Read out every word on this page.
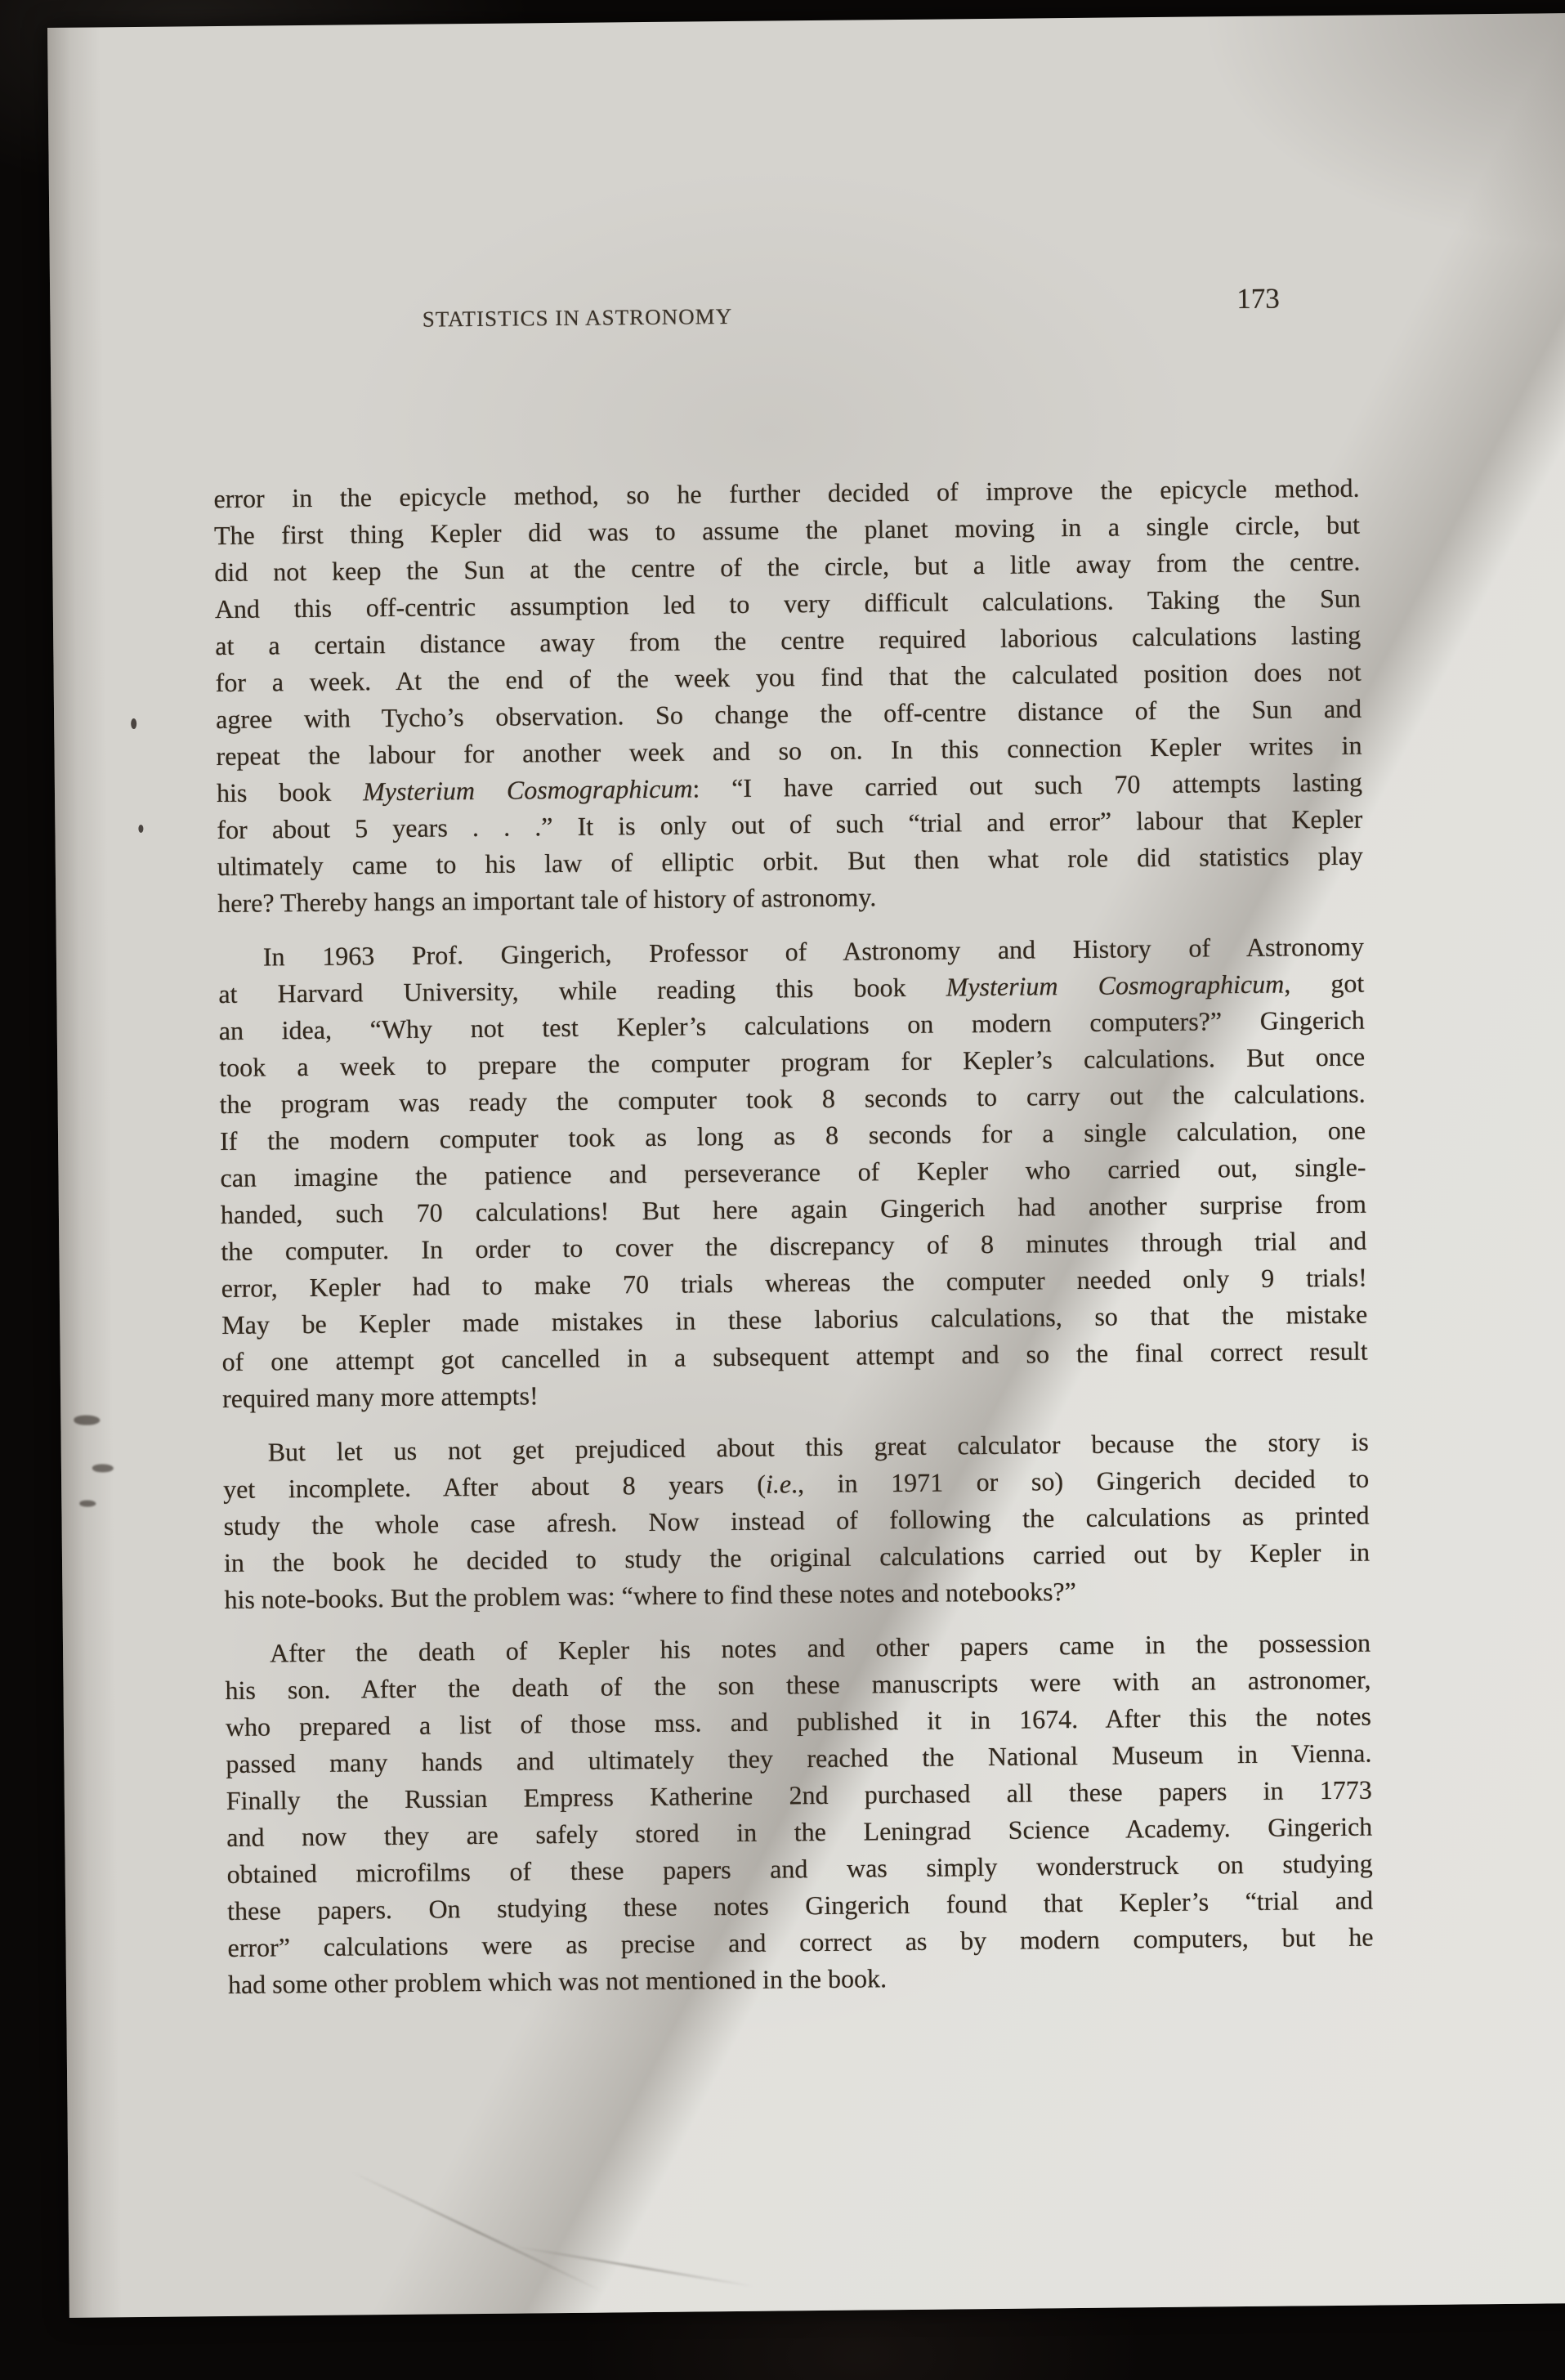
STATISTICS IN ASTRONOMY
173
error in the epicycle method, so he further decided of improve the epicycle method.
The first thing Kepler did was to assume the planet moving in a single circle, but
did not keep the Sun at the centre of the circle, but a litle away from the centre.
And this off-centric assumption led to very difficult calculations. Taking the Sun
at a certain distance away from the centre required laborious calculations lasting
for a week. At the end of the week you find that the calculated position does not
agree with Tycho’s observation. So change the off-centre distance of the Sun and
repeat the labour for another week and so on. In this connection Kepler writes in
his book Mysterium Cosmographicum: “I have carried out such 70 attempts lasting
for about 5 years . . .” It is only out of such “trial and error” labour that Kepler
ultimately came to his law of elliptic orbit. But then what role did statistics play
here? Thereby hangs an important tale of history of astronomy.
In 1963 Prof. Gingerich, Professor of Astronomy and History of Astronomy
at Harvard University, while reading this book Mysterium Cosmographicum, got
an idea, “Why not test Kepler’s calculations on modern computers?” Gingerich
took a week to prepare the computer program for Kepler’s calculations. But once
the program was ready the computer took 8 seconds to carry out the calculations.
If the modern computer took as long as 8 seconds for a single calculation, one
can imagine the patience and perseverance of Kepler who carried out, single-
handed, such 70 calculations! But here again Gingerich had another surprise from
the computer. In order to cover the discrepancy of 8 minutes through trial and
error, Kepler had to make 70 trials whereas the computer needed only 9 trials!
May be Kepler made mistakes in these laborius calculations, so that the mistake
of one attempt got cancelled in a subsequent attempt and so the final correct result
required many more attempts!
But let us not get prejudiced about this great calculator because the story is
yet incomplete. After about 8 years (i.e., in 1971 or so) Gingerich decided to
study the whole case afresh. Now instead of following the calculations as printed
in the book he decided to study the original calculations carried out by Kepler in
his note-books. But the problem was: “where to find these notes and notebooks?”
After the death of Kepler his notes and other papers came in the possession
his son. After the death of the son these manuscripts were with an astronomer,
who prepared a list of those mss. and published it in 1674. After this the notes
passed many hands and ultimately they reached the National Museum in Vienna.
Finally the Russian Empress Katherine 2nd purchased all these papers in 1773
and now they are safely stored in the Leningrad Science Academy. Gingerich
obtained microfilms of these papers and was simply wonderstruck on studying
these papers. On studying these notes Gingerich found that Kepler’s “trial and
error” calculations were as precise and correct as by modern computers, but he
had some other problem which was not mentioned in the book.
